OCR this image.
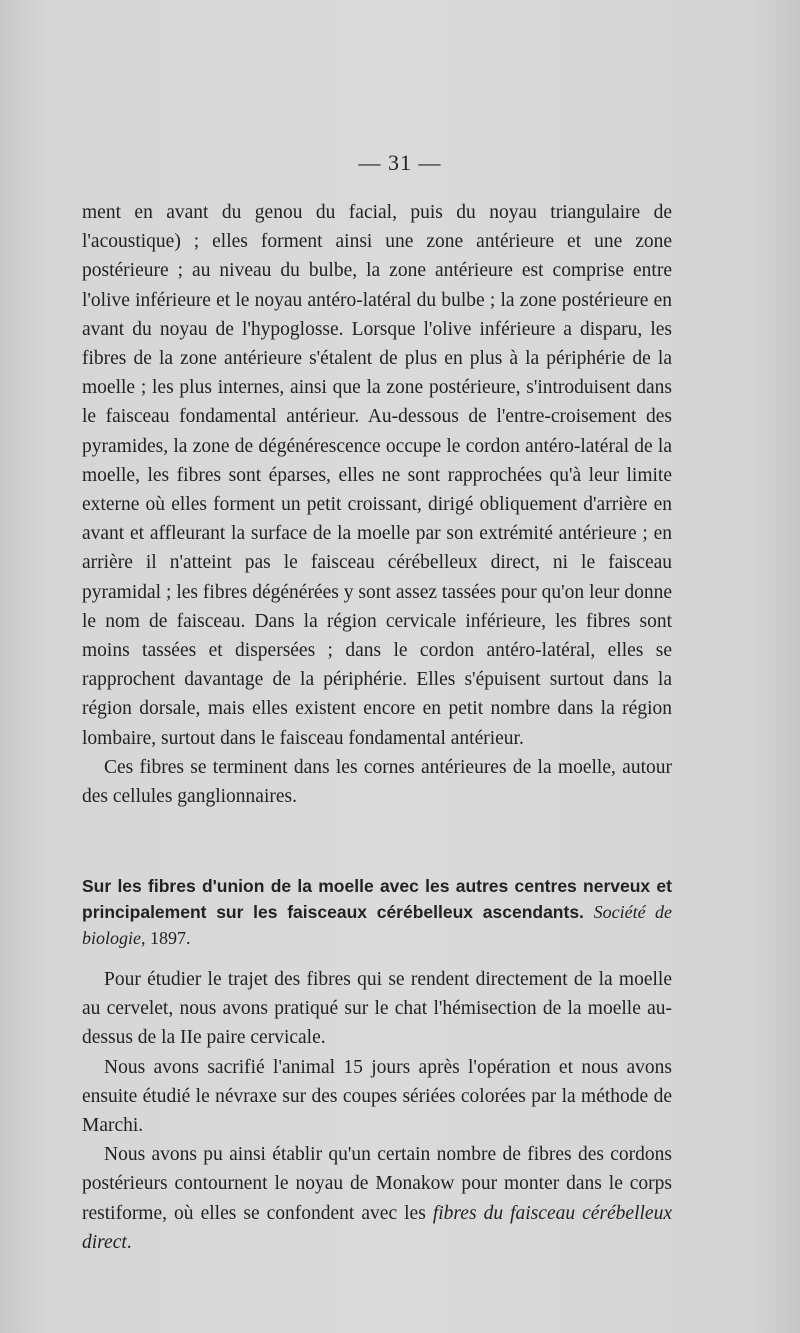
— 31 —

ment en avant du genou du facial, puis du noyau triangulaire de l'acoustique) ; elles forment ainsi une zone antérieure et une zone postérieure ; au niveau du bulbe, la zone antérieure est comprise entre l'olive inférieure et le noyau antéro-latéral du bulbe ; la zone postérieure en avant du noyau de l'hypoglosse. Lorsque l'olive inférieure a disparu, les fibres de la zone antérieure s'étalent de plus en plus à la périphérie de la moelle ; les plus internes, ainsi que la zone postérieure, s'introduisent dans le faisceau fondamental antérieur. Au-dessous de l'entre-croisement des pyramides, la zone de dégénérescence occupe le cordon antéro-latéral de la moelle, les fibres sont éparses, elles ne sont rapprochées qu'à leur limite externe où elles forment un petit croissant, dirigé obliquement d'arrière en avant et affleurant la surface de la moelle par son extrémité antérieure ; en arrière il n'atteint pas le faisceau cérébelleux direct, ni le faisceau pyramidal ; les fibres dégénérées y sont assez tassées pour qu'on leur donne le nom de faisceau. Dans la région cervicale inférieure, les fibres sont moins tassées et dispersées ; dans le cordon antéro-latéral, elles se rapprochent davantage de la périphérie. Elles s'épuisent surtout dans la région dorsale, mais elles existent encore en petit nombre dans la région lombaire, surtout dans le faisceau fondamental antérieur.

Ces fibres se terminent dans les cornes antérieures de la moelle, autour des cellules ganglionnaires.

Sur les fibres d'union de la moelle avec les autres centres nerveux et principalement sur les faisceaux cérébelleux ascendants. Société de biologie, 1897.

Pour étudier le trajet des fibres qui se rendent directement de la moelle au cervelet, nous avons pratiqué sur le chat l'hémisection de la moelle au-dessus de la IIe paire cervicale.

Nous avons sacrifié l'animal 15 jours après l'opération et nous avons ensuite étudié le névraxe sur des coupes sériées colorées par la méthode de Marchi.

Nous avons pu ainsi établir qu'un certain nombre de fibres des cordons postérieurs contournent le noyau de Monakow pour monter dans le corps restiforme, où elles se confondent avec les fibres du faisceau cérébelleux direct.
